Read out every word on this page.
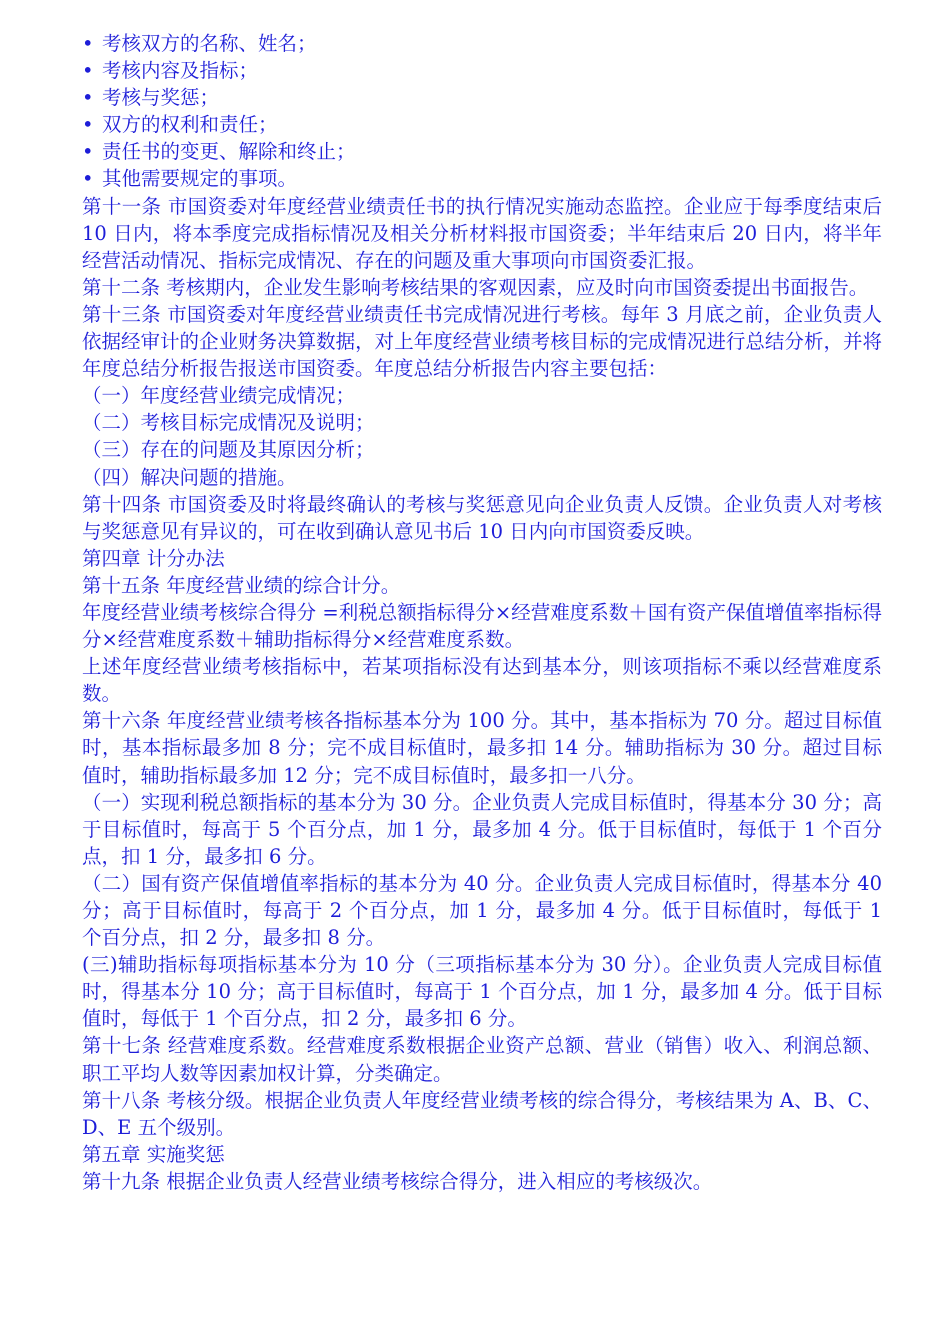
• 考核双方的名称、姓名；
• 考核内容及指标；
• 考核与奖惩；
• 双方的权利和责任；
• 责任书的变更、解除和终止；
• 其他需要规定的事项。

第十一条 市国资委对年度经营业绩责任书的执行情况实施动态监控。企业应于每季度结束后 10 日内，将本季度完成指标情况及相关分析材料报市国资委；半年结束后 20 日内，将半年经营活动情况、指标完成情况、存在的问题及重大事项向市国资委汇报。

第十二条 考核期内，企业发生影响考核结果的客观因素，应及时向市国资委提出书面报告。

第十三条 市国资委对年度经营业绩责任书完成情况进行考核。每年 3 月底之前，企业负责人依据经审计的企业财务决算数据，对上年度经营业绩考核目标的完成情况进行总结分析，并将年度总结分析报告报送市国资委。年度总结分析报告内容主要包括：

（一）年度经营业绩完成情况；

（二）考核目标完成情况及说明；

（三）存在的问题及其原因分析；

（四）解决问题的措施。

第十四条 市国资委及时将最终确认的考核与奖惩意见向企业负责人反馈。企业负责人对考核与奖惩意见有异议的，可在收到确认意见书后 10 日内向市国资委反映。

第四章 计分办法

第十五条 年度经营业绩的综合计分。

年度经营业绩考核综合得分 =利税总额指标得分×经营难度系数＋国有资产保值增值率指标得分×经营难度系数＋辅助指标得分×经营难度系数。

上述年度经营业绩考核指标中，若某项指标没有达到基本分，则该项指标不乘以经营难度系数。

第十六条 年度经营业绩考核各指标基本分为 100 分。其中，基本指标为 70 分。超过目标值时，基本指标最多加 8 分；完不成目标值时，最多扣 14 分。辅助指标为 30 分。超过目标值时，辅助指标最多加 12 分；完不成目标值时，最多扣一八分。

（一）实现利税总额指标的基本分为 30 分。企业负责人完成目标值时，得基本分 30 分；高于目标值时，每高于 5 个百分点，加 1 分，最多加 4 分。低于目标值时，每低于 1 个百分点，扣 1 分，最多扣 6 分。

（二）国有资产保值增值率指标的基本分为 40 分。企业负责人完成目标值时，得基本分 40 分；高于目标值时，每高于 2 个百分点，加 1 分，最多加 4 分。低于目标值时，每低于 1 个百分点，扣 2 分，最多扣 8 分。

(三)辅助指标每项指标基本分为 10 分（三项指标基本分为 30 分）。企业负责人完成目标值时，得基本分 10 分；高于目标值时，每高于 1 个百分点，加 1 分，最多加 4 分。低于目标值时，每低于 1 个百分点，扣 2 分，最多扣 6 分。

第十七条 经营难度系数。经营难度系数根据企业资产总额、营业（销售）收入、利润总额、职工平均人数等因素加权计算，分类确定。

第十八条 考核分级。根据企业负责人年度经营业绩考核的综合得分，考核结果为 A、B、C、D、E 五个级别。

第五章 实施奖惩

第十九条 根据企业负责人经营业绩考核综合得分，进入相应的考核级次。
